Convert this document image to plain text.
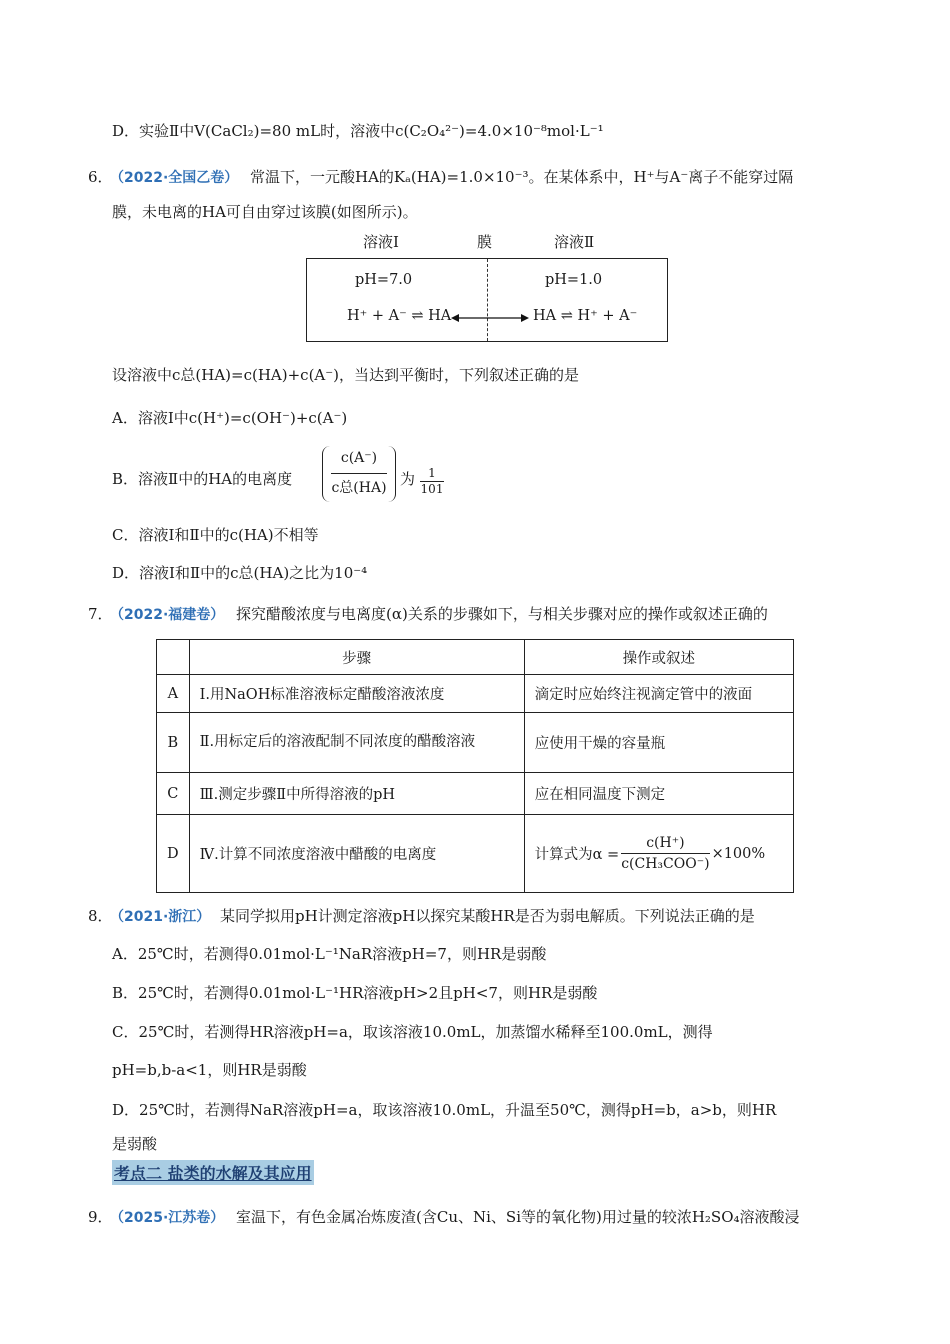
D．实验Ⅱ中V(CaCl₂)=80 mL时，溶液中c(C₂O₄²⁻)=4.0×10⁻⁸mol·L⁻¹
6．
（2022·全国乙卷） 常温下，一元酸HA的Kₐ(HA)=1.0×10⁻³。在某体系中，H⁺与A⁻离子不能穿过隔
膜，未电离的HA可自由穿过该膜(如图所示)。
溶液Ⅰ	膜	溶液Ⅱ
pH=7.0	pH=1.0
H⁺ + A⁻ ⇌ HA	HA ⇌ H⁺ + A⁻
设溶液中c总(HA)=c(HA)+c(A⁻)，当达到平衡时，下列叙述正确的是
A．溶液Ⅰ中c(H⁺)=c(OH⁻)+c(A⁻)
B．溶液Ⅱ中的HA的电离度
c(A⁻)
c总(HA) 为	1
101
C．溶液Ⅰ和Ⅱ中的c(HA)不相等
D．溶液Ⅰ和Ⅱ中的c总(HA)之比为10⁻⁴
7．
（2022·福建卷） 探究醋酸浓度与电离度(α)关系的步骤如下，与相关步骤对应的操作或叙述正确的
	步骤	操作或叙述
A	Ⅰ.用NaOH标准溶液标定醋酸溶液浓度	滴定时应始终注视滴定管中的液面
B	Ⅱ.用标定后的溶液配制不同浓度的醋酸溶液	应使用干燥的容量瓶
C	Ⅲ.测定步骤Ⅱ中所得溶液的pH	应在相同温度下测定
D	Ⅳ.计算不同浓度溶液中醋酸的电离度	计算式为α =
c(H⁺)
c(CH₃COO⁻)
×100%
8．
（2021·浙江） 某同学拟用pH计测定溶液pH以探究某酸HR是否为弱电解质。下列说法正确的是
A．25℃时，若测得0.01mol·L⁻¹NaR溶液pH=7，则HR是弱酸
B．25℃时，若测得0.01mol·L⁻¹HR溶液pH>2且pH<7，则HR是弱酸
C．25℃时，若测得HR溶液pH=a，取该溶液10.0mL，加蒸馏水稀释至100.0mL，测得
pH=b,b-a<1，则HR是弱酸
D．25℃时，若测得NaR溶液pH=a，取该溶液10.0mL，升温至50℃，测得pH=b，a>b，则HR
是弱酸
考点二 盐类的水解及其应用
9．
（2025·江苏卷） 室温下，有色金属冶炼废渣(含Cu、Ni、Si等的氧化物)用过量的较浓H₂SO₄溶液酸浸
